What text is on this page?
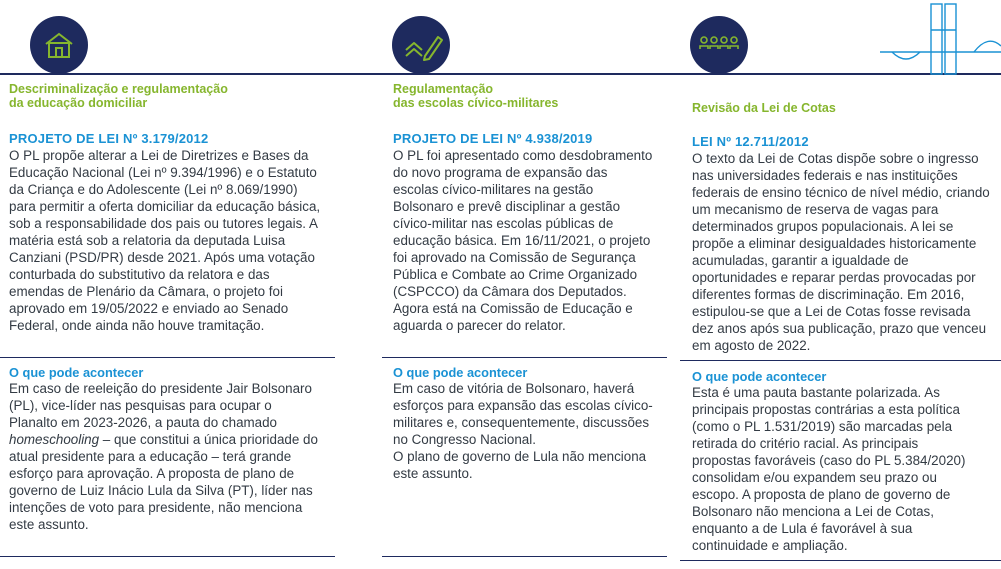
Descriminalização e regulamentação
da educação domiciliar
PROJETO DE LEI Nº 3.179/2012

O PL propõe alterar a Lei de Diretrizes e Bases da Educação Nacional (Lei nº 9.394/1996) e o Estatuto da Criança e do Adolescente (Lei nº 8.069/1990) para permitir a oferta domiciliar da educação básica, sob a responsabilidade dos pais ou tutores legais. A matéria está sob a relatoria da deputada Luisa Canziani (PSD/PR) desde 2021. Após uma votação conturbada do substitutivo da relatora e das emendas de Plenário da Câmara, o projeto foi aprovado em 19/05/2022 e enviado ao Senado Federal, onde ainda não houve tramitação.

O que pode acontecer

Em caso de reeleição do presidente Jair Bolsonaro (PL), vice-líder nas pesquisas para ocupar o Planalto em 2023-2026, a pauta do chamado homeschooling – que constitui a única prioridade do atual presidente para a educação – terá grande esforço para aprovação. A proposta de plano de governo de Luiz Inácio Lula da Silva (PT), líder nas intenções de voto para presidente, não menciona este assunto.

Regulamentação
das escolas cívico-militares
PROJETO DE LEI Nº 4.938/2019

O PL foi apresentado como desdobramento do novo programa de expansão das escolas cívico-militares na gestão Bolsonaro e prevê disciplinar a gestão cívico-militar nas escolas públicas de educação básica. Em 16/11/2021, o projeto foi aprovado na Comissão de Segurança Pública e Combate ao Crime Organizado (CSPCCO) da Câmara dos Deputados. Agora está na Comissão de Educação e aguarda o parecer do relator.

O que pode acontecer
Em caso de vitória de Bolsonaro, haverá esforços para expansão das escolas cívico-militares e, consequentemente, discussões no Congresso Nacional.
O plano de governo de Lula não menciona este assunto.
Revisão da Lei de Cotas
LEI Nº 12.711/2012

O texto da Lei de Cotas dispõe sobre o ingresso nas universidades federais e nas instituições federais de ensino técnico de nível médio, criando um mecanismo de reserva de vagas para determinados grupos populacionais. A lei se propõe a eliminar desigualdades historicamente acumuladas, garantir a igualdade de oportunidades e reparar perdas provocadas por diferentes formas de discriminação. Em 2016, estipulou-se que a Lei de Cotas fosse revisada dez anos após sua publicação, prazo que venceu em agosto de 2022.

O que pode acontecer

Esta é uma pauta bastante polarizada. As principais propostas contrárias a esta política (como o PL 1.531/2019) são marcadas pela retirada do critério racial. As principais propostas favoráveis (caso do PL 5.384/2020) consolidam e/ou expandem seu prazo ou escopo. A proposta de plano de governo de Bolsonaro não menciona a Lei de Cotas, enquanto a de Lula é favorável à sua continuidade e ampliação.
